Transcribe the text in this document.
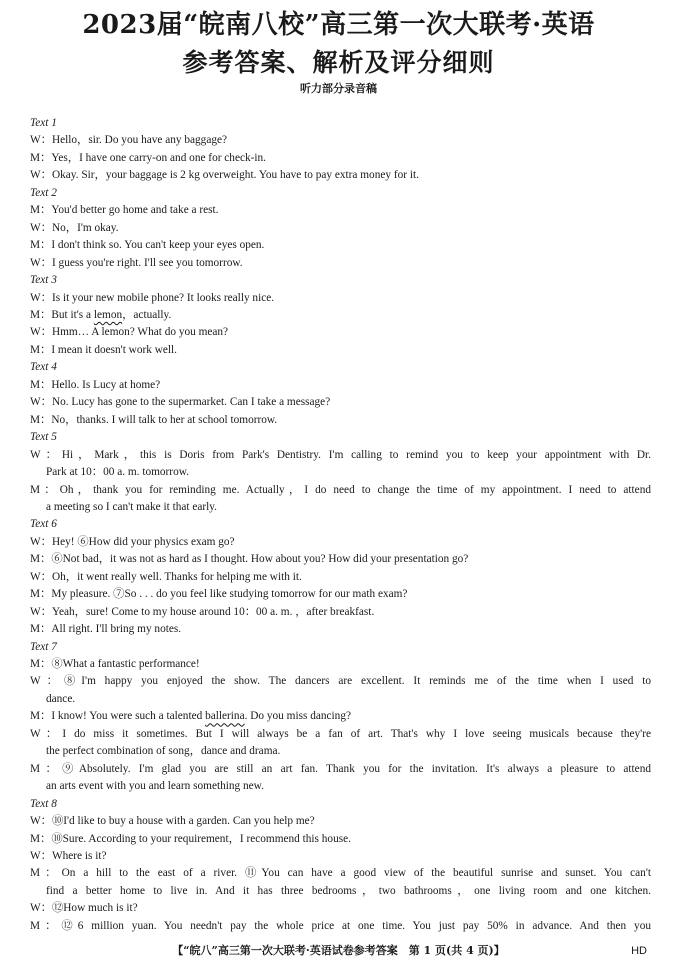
2023届“皖南八校”高三第一次大联考·英语
参考答案、解析及评分细则
听力部分录音稿
Text 1
W：Hello，sir. Do you have any baggage?
M：Yes，I have one carry-on and one for check-in.
W：Okay. Sir，your baggage is 2 kg overweight. You have to pay extra money for it.
Text 2
M：You'd better go home and take a rest.
W：No，I'm okay.
M：I don't think so. You can't keep your eyes open.
W：I guess you're right. I'll see you tomorrow.
Text 3
W：Is it your new mobile phone? It looks really nice.
M：But it's a lemon，actually.
W：Hmm… A lemon? What do you mean?
M：I mean it doesn't work well.
Text 4
M：Hello. Is Lucy at home?
W：No. Lucy has gone to the supermarket. Can I take a message?
M：No，thanks. I will talk to her at school tomorrow.
Text 5
W：Hi，Mark，this is Doris from Park's Dentistry. I'm calling to remind you to keep your appointment with Dr.
Park at 10：00 a. m. tomorrow.
M：Oh，thank you for reminding me. Actually，I do need to change the time of my appointment. I need to attend
a meeting so I can't make it that early.
Text 6
W：Hey! ⑥How did your physics exam go?
M：⑥Not bad，it was not as hard as I thought. How about you? How did your presentation go?
W：Oh，it went really well. Thanks for helping me with it.
M：My pleasure. ⑦So . . . do you feel like studying tomorrow for our math exam?
W：Yeah，sure! Come to my house around 10：00 a. m. ，after breakfast.
M：All right. I'll bring my notes.
Text 7
M：⑧What a fantastic performance!
W：⑧I'm happy you enjoyed the show. The dancers are excellent. It reminds me of the time when I used to
dance.
M：I know! You were such a talented ballerina. Do you miss dancing?
W：I do miss it sometimes. But I will always be a fan of art. That's why I love seeing musicals because they're
the perfect combination of song，dance and drama.
M：⑨Absolutely. I'm glad you are still an art fan. Thank you for the invitation. It's always a pleasure to attend
an arts event with you and learn something new.
Text 8
W：⑩I'd like to buy a house with a garden. Can you help me?
M：⑩Sure. According to your requirement，I recommend this house.
W：Where is it?
M：On a hill to the east of a river. ⑪You can have a good view of the beautiful sunrise and sunset. You can't
find a better home to live in. And it has three bedrooms，two bathrooms，one living room and one kitchen.
W：⑫How much is it?
M：⑫6 million yuan. You needn't pay the whole price at one time. You just pay 50% in advance. And then you
【“皖八”高三第一次大联考·英语试卷参考答案　第 1 页(共 4 页)】	HD
